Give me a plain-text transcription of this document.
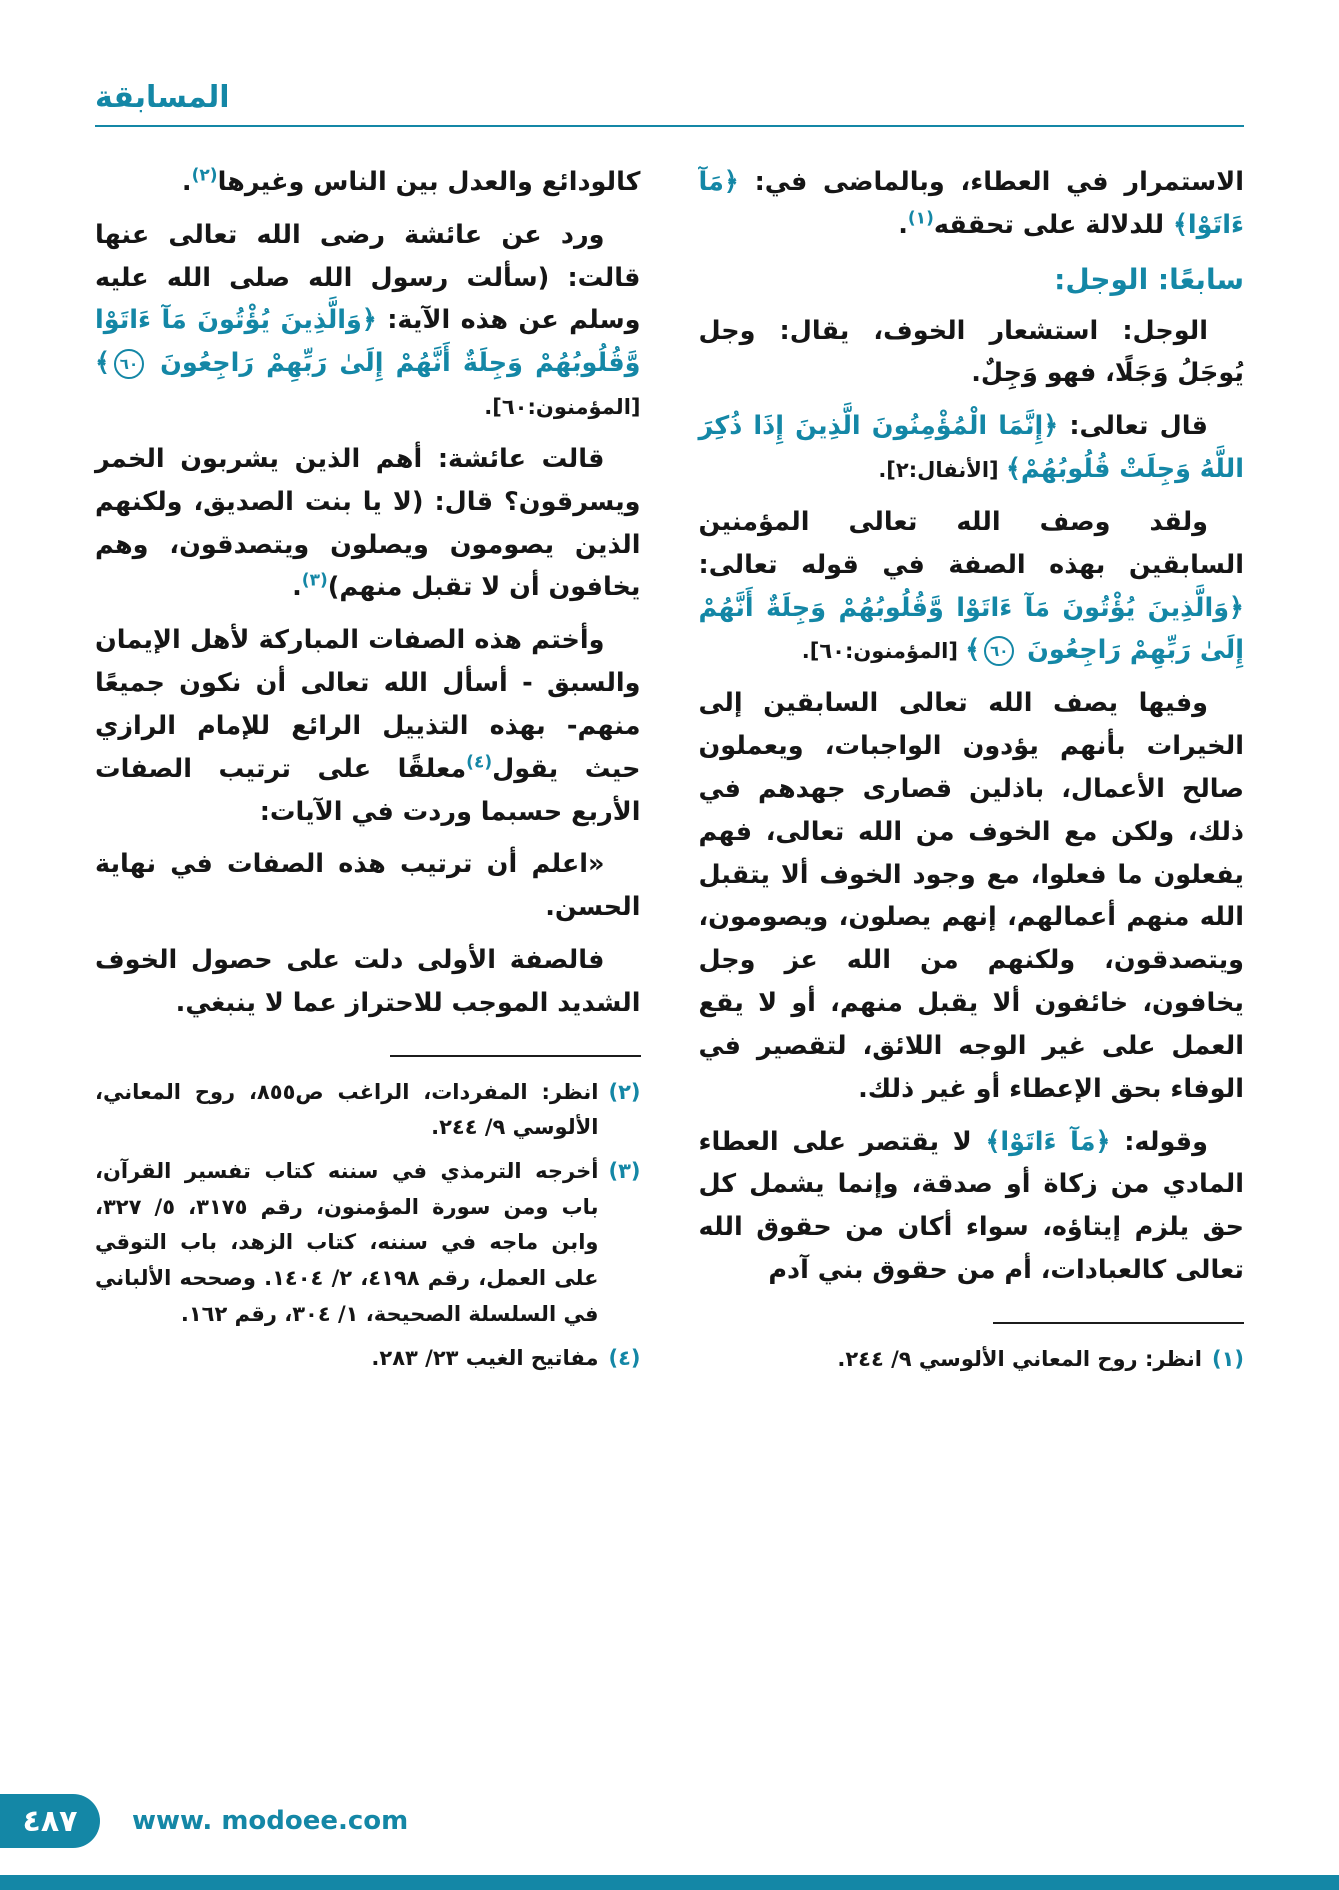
المسابقة

الاستمرار في العطاء، وبالماضى في: ﴿مَآ ءَاتَوْا﴾ للدلالة على تحققه$^{(١)}$.

سابعًا: الوجل:

الوجل: استشعار الخوف، يقال: وجل يُوجَلُ وَجَلًا، فهو وَجِلٌ.

قال تعالى: ﴿إِنَّمَا الْمُؤْمِنُونَ الَّذِينَ إِذَا ذُكِرَ اللَّهُ وَجِلَتْ قُلُوبُهُمْ﴾ [الأنفال:٢].

ولقد وصف الله تعالى المؤمنين السابقين بهذه الصفة في قوله تعالى: ﴿وَالَّذِينَ يُؤْتُونَ مَآ ءَاتَوْا وَّقُلُوبُهُمْ وَجِلَةٌ أَنَّهُمْ إِلَىٰ رَبِّهِمْ رَاجِعُونَ ٦٠﴾ [المؤمنون:٦٠].

وفيها يصف الله تعالى السابقين إلى الخيرات بأنهم يؤدون الواجبات، ويعملون صالح الأعمال، باذلين قصارى جهدهم في ذلك، ولكن مع الخوف من الله تعالى، فهم يفعلون ما فعلوا، مع وجود الخوف ألا يتقبل الله منهم أعمالهم، إنهم يصلون، ويصومون، ويتصدقون، ولكنهم من الله عز وجل يخافون، خائفون ألا يقبل منهم، أو لا يقع العمل على غير الوجه اللائق، لتقصير في الوفاء بحق الإعطاء أو غير ذلك.

وقوله: ﴿مَآ ءَاتَوْا﴾ لا يقتصر على العطاء المادي من زكاة أو صدقة، وإنما يشمل كل حق يلزم إيتاؤه، سواء أكان من حقوق الله تعالى كالعبادات، أم من حقوق بني آدم

(١)
انظر: روح المعاني الألوسي ٩/ ٢٤٤.

كالودائع والعدل بين الناس وغيرها$^{(٢)}$.

ورد عن عائشة رضى الله تعالى عنها قالت: (سألت رسول الله صلى الله عليه وسلم عن هذه الآية: ﴿وَالَّذِينَ يُؤْتُونَ مَآ ءَاتَوْا وَّقُلُوبُهُمْ وَجِلَةٌ أَنَّهُمْ إِلَىٰ رَبِّهِمْ رَاجِعُونَ ٦٠﴾ [المؤمنون:٦٠].

قالت عائشة: أهم الذين يشربون الخمر ويسرقون؟ قال: (لا يا بنت الصديق، ولكنهم الذين يصومون ويصلون ويتصدقون، وهم يخافون أن لا تقبل منهم)$^{(٣)}$.

وأختم هذه الصفات المباركة لأهل الإيمان والسبق - أسأل الله تعالى أن نكون جميعًا منهم- بهذه التذييل الرائع للإمام الرازي حيث يقول$^{(٤)}$معلقًا على ترتيب الصفات الأربع حسبما وردت في الآيات:

«اعلم أن ترتيب هذه الصفات في نهاية الحسن.

فالصفة الأولى دلت على حصول الخوف الشديد الموجب للاحتراز عما لا ينبغي.

(٢)
انظر: المفردات، الراغب ص٨٥٥، روح المعاني، الألوسي ٩/ ٢٤٤.
(٣)
أخرجه الترمذي في سننه كتاب تفسير القرآن، باب ومن سورة المؤمنون، رقم ٣١٧٥، ٥/ ٣٢٧، وابن ماجه في سننه، كتاب الزهد، باب التوقي على العمل، رقم ٤١٩٨، ٢/ ١٤٠٤. وصححه الألباني في السلسلة الصحيحة، ١/ ٣٠٤، رقم ١٦٢.
(٤)
مفاتيح الغيب ٢٣/ ٢٨٣.
٤٨٧ www. modoee.com
